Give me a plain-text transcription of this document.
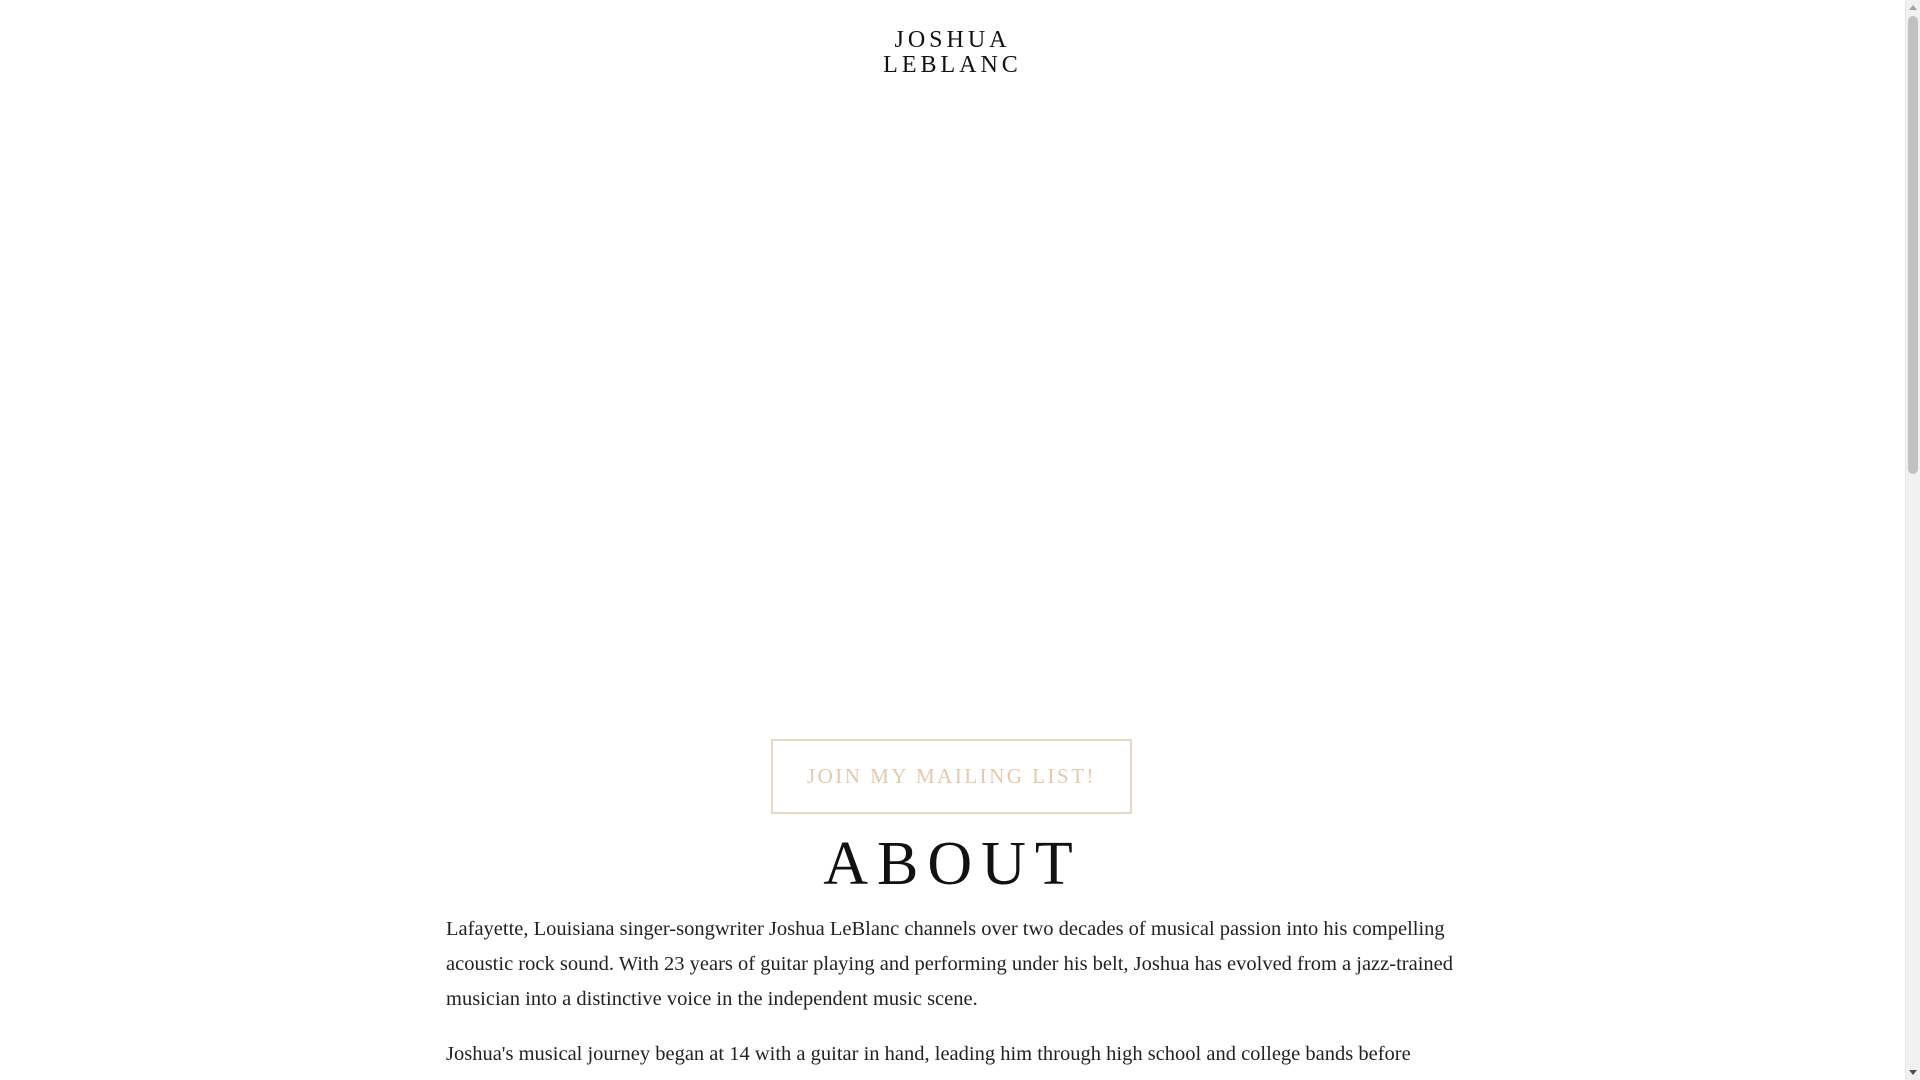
JOSHUA
LEBLANC
JOIN MY MAILING LIST!
ABOUT

Lafayette, Louisiana singer-songwriter Joshua LeBlanc channels over two decades of musical passion into his compelling acoustic rock sound. With 23 years of guitar playing and performing under his belt, Joshua has evolved from a jazz-trained musician into a distinctive voice in the independent music scene.

Joshua's musical journey began at 14 with a guitar in hand, leading him through high school and college bands before
